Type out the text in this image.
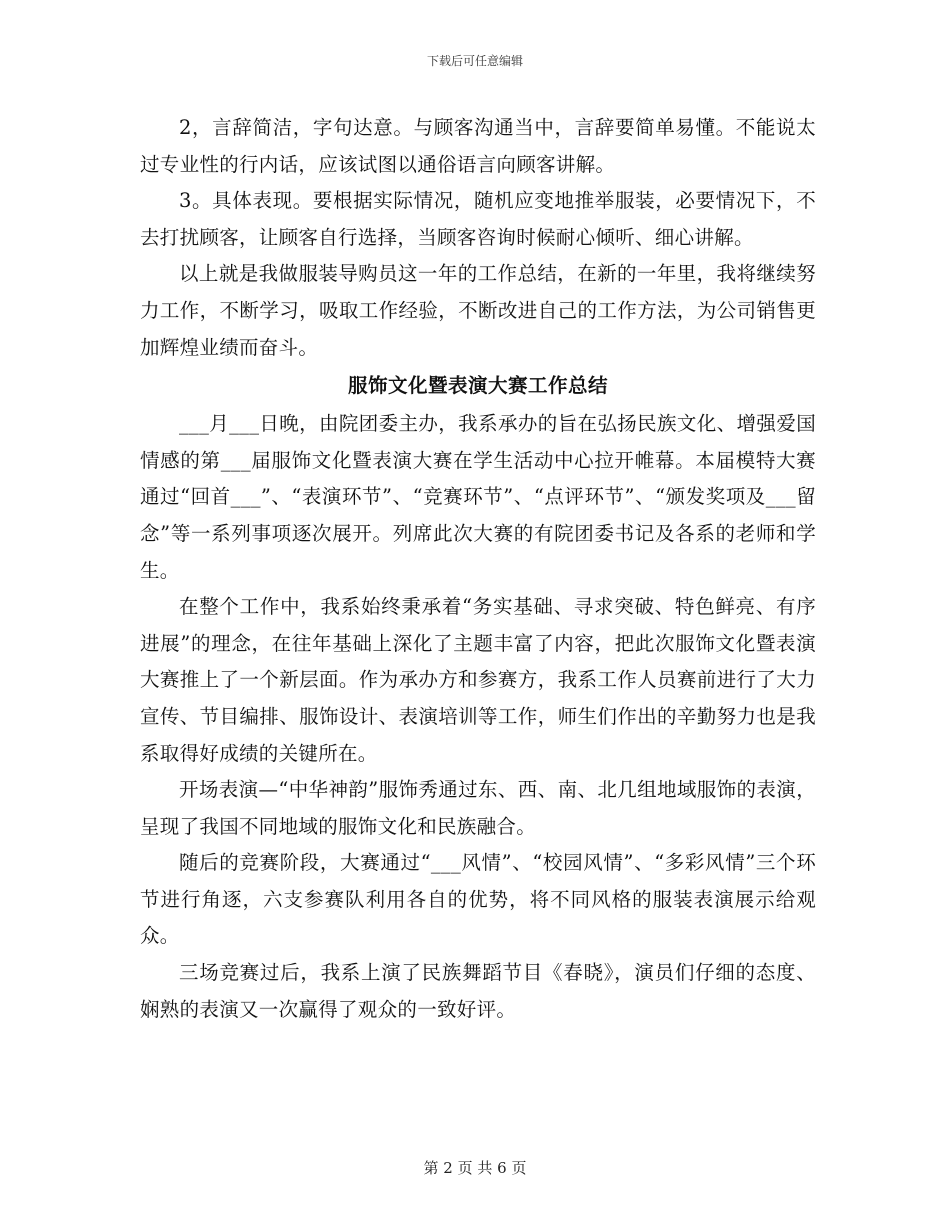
下载后可任意编辑

2，言辞简洁，字句达意。与顾客沟通当中，言辞要简单易懂。不能说太过专业性的行内话，应该试图以通俗语言向顾客讲解。

3。具体表现。要根据实际情况，随机应变地推举服装，必要情况下，不去打扰顾客，让顾客自行选择，当顾客咨询时候耐心倾听、细心讲解。

以上就是我做服装导购员这一年的工作总结，在新的一年里，我将继续努力工作，不断学习，吸取工作经验，不断改进自己的工作方法，为公司销售更加辉煌业绩而奋斗。

服饰文化暨表演大赛工作总结

___月___日晚，由院团委主办，我系承办的旨在弘扬民族文化、增强爱国情感的第___届服饰文化暨表演大赛在学生活动中心拉开帷幕。本届模特大赛通过“回首___”、“表演环节”、“竞赛环节”、“点评环节”、“颁发奖项及___留念”等一系列事项逐次展开。列席此次大赛的有院团委书记及各系的老师和学生。

在整个工作中，我系始终秉承着“务实基础、寻求突破、特色鲜亮、有序进展”的理念，在往年基础上深化了主题丰富了内容，把此次服饰文化暨表演大赛推上了一个新层面。作为承办方和参赛方，我系工作人员赛前进行了大力宣传、节目编排、服饰设计、表演培训等工作，师生们作出的辛勤努力也是我系取得好成绩的关键所在。

开场表演—“中华神韵”服饰秀通过东、西、南、北几组地域服饰的表演，呈现了我国不同地域的服饰文化和民族融合。

随后的竞赛阶段，大赛通过“___风情”、“校园风情”、“多彩风情”三个环节进行角逐，六支参赛队利用各自的优势，将不同风格的服装表演展示给观众。

三场竞赛过后，我系上演了民族舞蹈节目《春晓》，演员们仔细的态度、娴熟的表演又一次赢得了观众的一致好评。

第 2 页 共 6 页
